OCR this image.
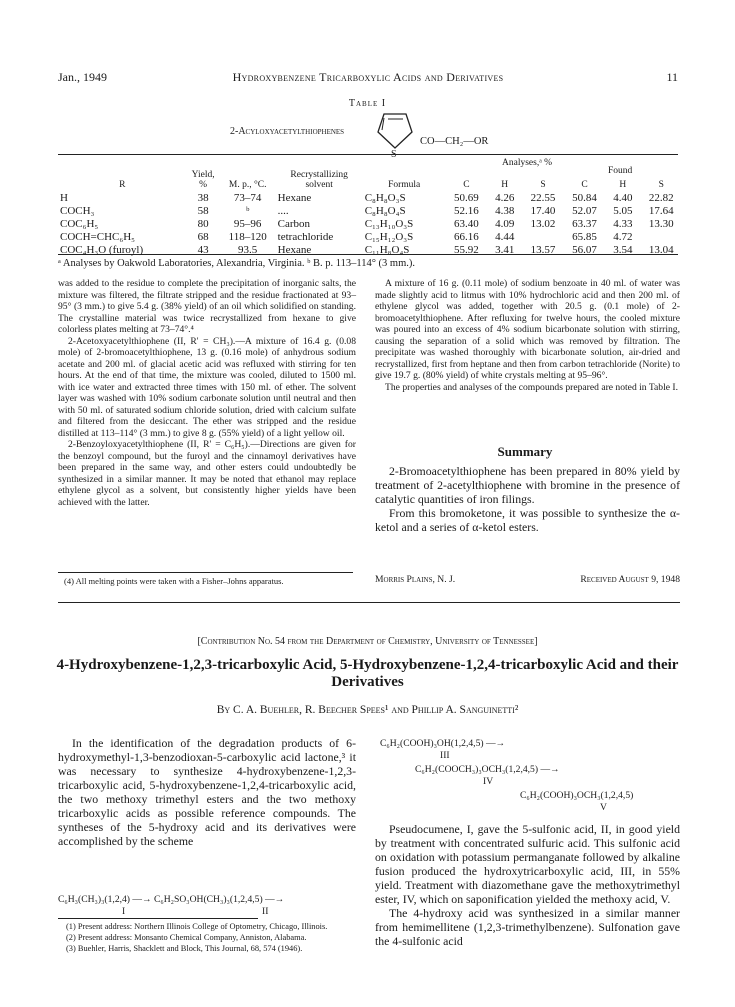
Jan., 1949	Hydroxybenzene Tricarboxylic Acids and Derivatives	11
Table I
2-Acyloxyacetylthiophenes
S
CO—CH₂—OR
Analyses,ᵃ %
Found
R	Yield, %	M. p., °C.	Recrystallizing solvent	Formula	C	H	S	C	H	S
H	38	73–74	Hexane	C₈H₈O₃S	50.69	4.26	22.55	50.84	4.40	22.82
COCH₃	58	ᵇ	....	C₈H₈O₄S	52.16	4.38	17.40	52.07	5.05	17.64
COC₆H₅	80	95–96	Carbon	C₁₃H₁₀O₃S	63.40	4.09	13.02	63.37	4.33	13.30
COCH=CHC₆H₅	68	118–120	tetrachloride	C₁₅H₁₂O₃S	66.16	4.44		65.85	4.72	
COC₄H₃O (furoyl)	43	93.5	Hexane	C₁₁H₈O₄S	55.92	3.41	13.57	56.07	3.54	13.04
ᵃ Analyses by Oakwold Laboratories, Alexandria, Virginia. ᵇ B. p. 113–114° (3 mm.).

was added to the residue to complete the precipitation of inorganic salts, the mixture was filtered, the filtrate stripped and the residue fractionated at 93–95° (3 mm.) to give 5.4 g. (38% yield) of an oil which solidified on standing. The crystalline material was twice recrystallized from hexane to give colorless plates melting at 73–74°.⁴

2-Acetoxyacetylthiophene (II, R' = CH₃).—A mixture of 16.4 g. (0.08 mole) of 2-bromoacetylthiophene, 13 g. (0.16 mole) of anhydrous sodium acetate and 200 ml. of glacial acetic acid was refluxed with stirring for ten hours. At the end of that time, the mixture was cooled, diluted to 1500 ml. with ice water and extracted three times with 150 ml. of ether. The solvent layer was washed with 10% sodium carbonate solution until neutral and then with 50 ml. of saturated sodium chloride solution, dried with calcium sulfate and filtered from the desiccant. The ether was stripped and the residue distilled at 113–114° (3 mm.) to give 8 g. (55% yield) of a light yellow oil.

2-Benzoyloxyacetylthiophene (II, R' = C₆H₅).—Directions are given for the benzoyl compound, but the furoyl and the cinnamoyl derivatives have been prepared in the same way, and other esters could undoubtedly be synthesized in a similar manner. It may be noted that ethanol may replace ethylene glycol as a solvent, but consistently higher yields have been achieved with the latter.

(4) All melting points were taken with a Fisher–Johns apparatus.

A mixture of 16 g. (0.11 mole) of sodium benzoate in 40 ml. of water was made slightly acid to litmus with 10% hydrochloric acid and then 200 ml. of ethylene glycol was added, together with 20.5 g. (0.1 mole) of 2-bromoacetylthiophene. After refluxing for twelve hours, the cooled mixture was poured into an excess of 4% sodium bicarbonate solution with stirring, causing the separation of a solid which was removed by filtration. The precipitate was washed thoroughly with bicarbonate solution, air-dried and recrystallized, first from heptane and then from carbon tetrachloride (Norite) to give 19.7 g. (80% yield) of white crystals melting at 95–96°.

The properties and analyses of the compounds prepared are noted in Table I.

Summary

2-Bromoacetylthiophene has been prepared in 80% yield by treatment of 2-acetylthiophene with bromine in the presence of catalytic quantities of iron filings.

From this bromoketone, it was possible to synthesize the α-ketol and a series of α-ketol esters.

Morris Plains, N. J.	Received August 9, 1948
[Contribution No. 54 from the Department of Chemistry, University of Tennessee]
4-Hydroxybenzene-1,2,3-tricarboxylic Acid, 5-Hydroxybenzene-1,2,4-tricarboxylic Acid and their Derivatives
By C. A. Buehler, R. Beecher Spees¹ and Phillip A. Sanguinetti²

In the identification of the degradation products of 6-hydroxymethyl-1,3-benzodioxan-5-carboxylic acid lactone,³ it was necessary to synthesize 4-hydroxybenzene-1,2,3-tricarboxylic acid, 5-hydroxybenzene-1,2,4-tricarboxylic acid, the two methoxy trimethyl esters and the two methoxy tricarboxylic acids as possible reference compounds. The syntheses of the 5-hydroxy acid and its derivatives were accomplished by the scheme

C₆H₃(CH₃)₃(1,2,4) —→ C₆H₂SO₃OH(CH₃)₃(1,2,4,5) —→
I	II

(1) Present address: Northern Illinois College of Optometry, Chicago, Illinois.

(2) Present address: Monsanto Chemical Company, Anniston, Alabama.

(3) Buehler, Harris, Shacklett and Block, This Journal, 68, 574 (1946).

C₆H₂(COOH)₃OH(1,2,4,5) —→
III
C₆H₂(COOCH₃)₃OCH₃(1,2,4,5) —→
IV
C₆H₂(COOH)₃OCH₃(1,2,4,5)
V

Pseudocumene, I, gave the 5-sulfonic acid, II, in good yield by treatment with concentrated sulfuric acid. This sulfonic acid on oxidation with potassium permanganate followed by alkaline fusion produced the hydroxytricarboxylic acid, III, in 55% yield. Treatment with diazomethane gave the methoxytrimethyl ester, IV, which on saponification yielded the methoxy acid, V.

The 4-hydroxy acid was synthesized in a similar manner from hemimellitene (1,2,3-trimethylbenzene). Sulfonation gave the 4-sulfonic acid
